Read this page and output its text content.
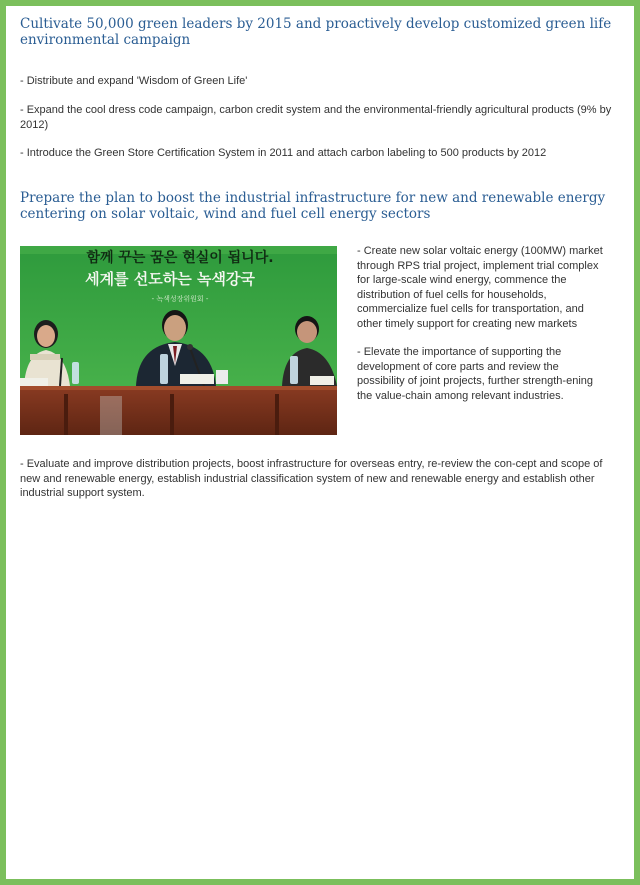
Cultivate 50,000 green leaders by 2015 and proactively develop customized green life environmental campaign

- Distribute and expand 'Wisdom of Green Life'

- Expand the cool dress code campaign, carbon credit system and the environmental-friendly agricultural products (9% by 2012)

- Introduce the Green Store Certification System in 2011 and attach carbon labeling to 500 products by 2012

Prepare the plan to boost the industrial infrastructure for new and renewable energy centering on solar voltaic, wind and fuel cell energy sectors
함께 꾸는 꿈은 현실이 됩니다.
세계를 선도하는 녹색강국
- 녹색성장위원회 -

- Create new solar voltaic energy (100MW) market through RPS trial project, implement trial complex for large-scale wind energy, commence the distribution of fuel cells for households, commercialize fuel cells for transportation, and other timely support for creating new markets

- Elevate the importance of supporting the development of core parts and review the possibility of joint projects, further strength-ening the value-chain among relevant industries.

- Evaluate and improve distribution projects, boost infrastructure for overseas entry, re-review the con-cept and scope of new and renewable energy, establish industrial classification system of new and renewable energy and establish other industrial support system.
